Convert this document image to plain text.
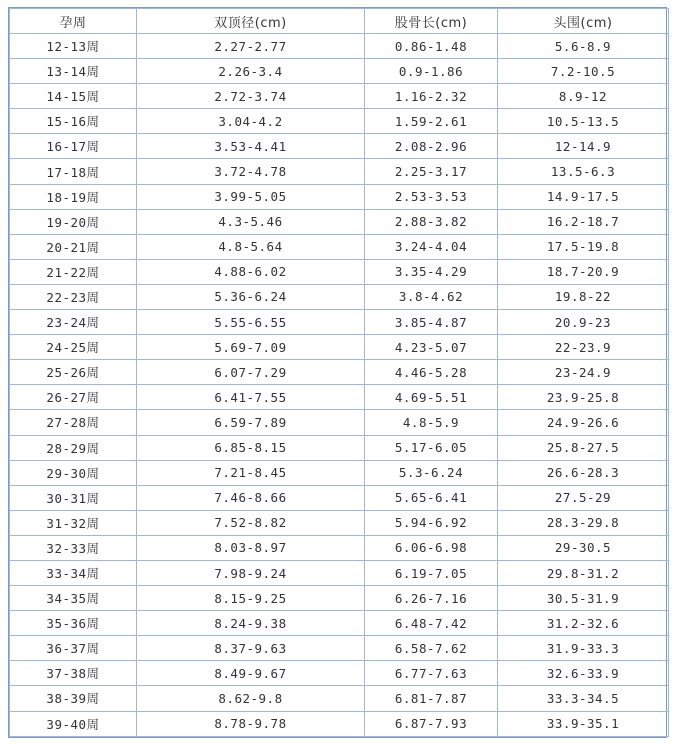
孕周	双顶径(cm)	股骨长(cm)	头围(cm)
12-13周	2.27-2.77	0.86-1.48	5.6-8.9
13-14周	2.26-3.4	0.9-1.86	7.2-10.5
14-15周	2.72-3.74	1.16-2.32	8.9-12
15-16周	3.04-4.2	1.59-2.61	10.5-13.5
16-17周	3.53-4.41	2.08-2.96	12-14.9
17-18周	3.72-4.78	2.25-3.17	13.5-6.3
18-19周	3.99-5.05	2.53-3.53	14.9-17.5
19-20周	4.3-5.46	2.88-3.82	16.2-18.7
20-21周	4.8-5.64	3.24-4.04	17.5-19.8
21-22周	4.88-6.02	3.35-4.29	18.7-20.9
22-23周	5.36-6.24	3.8-4.62	19.8-22
23-24周	5.55-6.55	3.85-4.87	20.9-23
24-25周	5.69-7.09	4.23-5.07	22-23.9
25-26周	6.07-7.29	4.46-5.28	23-24.9
26-27周	6.41-7.55	4.69-5.51	23.9-25.8
27-28周	6.59-7.89	4.8-5.9	24.9-26.6
28-29周	6.85-8.15	5.17-6.05	25.8-27.5
29-30周	7.21-8.45	5.3-6.24	26.6-28.3
30-31周	7.46-8.66	5.65-6.41	27.5-29
31-32周	7.52-8.82	5.94-6.92	28.3-29.8
32-33周	8.03-8.97	6.06-6.98	29-30.5
33-34周	7.98-9.24	6.19-7.05	29.8-31.2
34-35周	8.15-9.25	6.26-7.16	30.5-31.9
35-36周	8.24-9.38	6.48-7.42	31.2-32.6
36-37周	8.37-9.63	6.58-7.62	31.9-33.3
37-38周	8.49-9.67	6.77-7.63	32.6-33.9
38-39周	8.62-9.8	6.81-7.87	33.3-34.5
39-40周	8.78-9.78	6.87-7.93	33.9-35.1
